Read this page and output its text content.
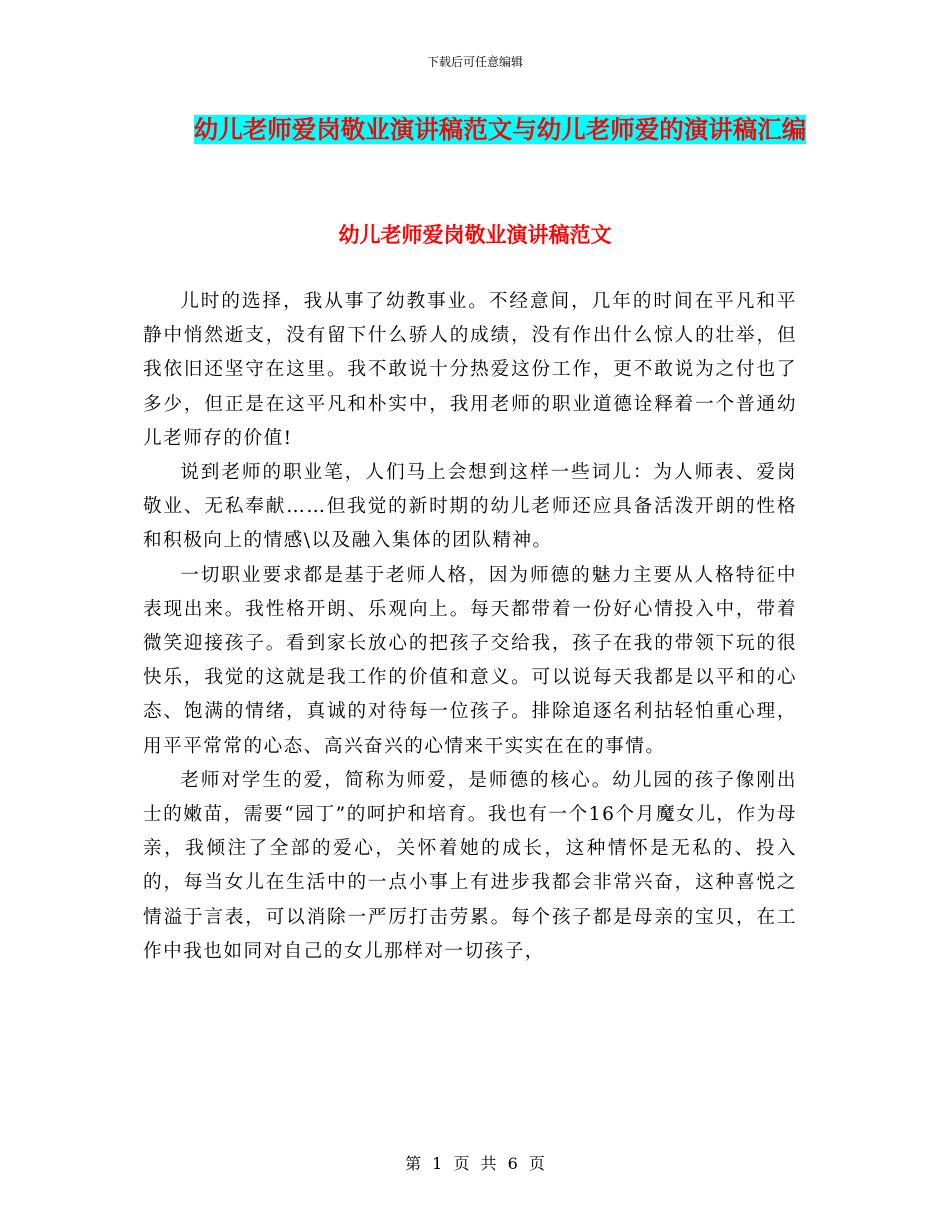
下载后可任意编辑
幼儿老师爱岗敬业演讲稿范文与幼儿老师爱的演讲稿汇编
幼儿老师爱岗敬业演讲稿范文

儿时的选择，我从事了幼教事业。不经意间，几年的时间在平凡和平静中悄然逝支，没有留下什么骄人的成绩，没有作出什么惊人的壮举，但我依旧还坚守在这里。我不敢说十分热爱这份工作，更不敢说为之付也了多少，但正是在这平凡和朴实中，我用老师的职业道德诠释着一个普通幼儿老师存的价值!

说到老师的职业笔，人们马上会想到这样一些词儿：为人师表、爱岗敬业、无私奉献……但我觉的新时期的幼儿老师还应具备活泼开朗的性格和积极向上的情感\以及融入集体的团队精神。

一切职业要求都是基于老师人格，因为师德的魅力主要从人格特征中表现出来。我性格开朗、乐观向上。每天都带着一份好心情投入中，带着微笑迎接孩子。看到家长放心的把孩子交给我，孩子在我的带领下玩的很快乐，我觉的这就是我工作的价值和意义。可以说每天我都是以平和的心态、饱满的情绪，真诚的对待每一位孩子。排除追逐名利拈轻怕重心理，用平平常常的心态、高兴奋兴的心情来干实实在在的事情。

老师对学生的爱，简称为师爱，是师德的核心。幼儿园的孩子像刚出士的嫩苗，需要“园丁”的呵护和培育。我也有一个16个月魔女儿，作为母亲，我倾注了全部的爱心，关怀着她的成长，这种情怀是无私的、投入的，每当女儿在生活中的一点小事上有进步我都会非常兴奋，这种喜悦之情溢于言表，可以消除一严厉打击劳累。每个孩子都是母亲的宝贝，在工作中我也如同对自己的女儿那样对一切孩子，

第 1 页 共 6 页
